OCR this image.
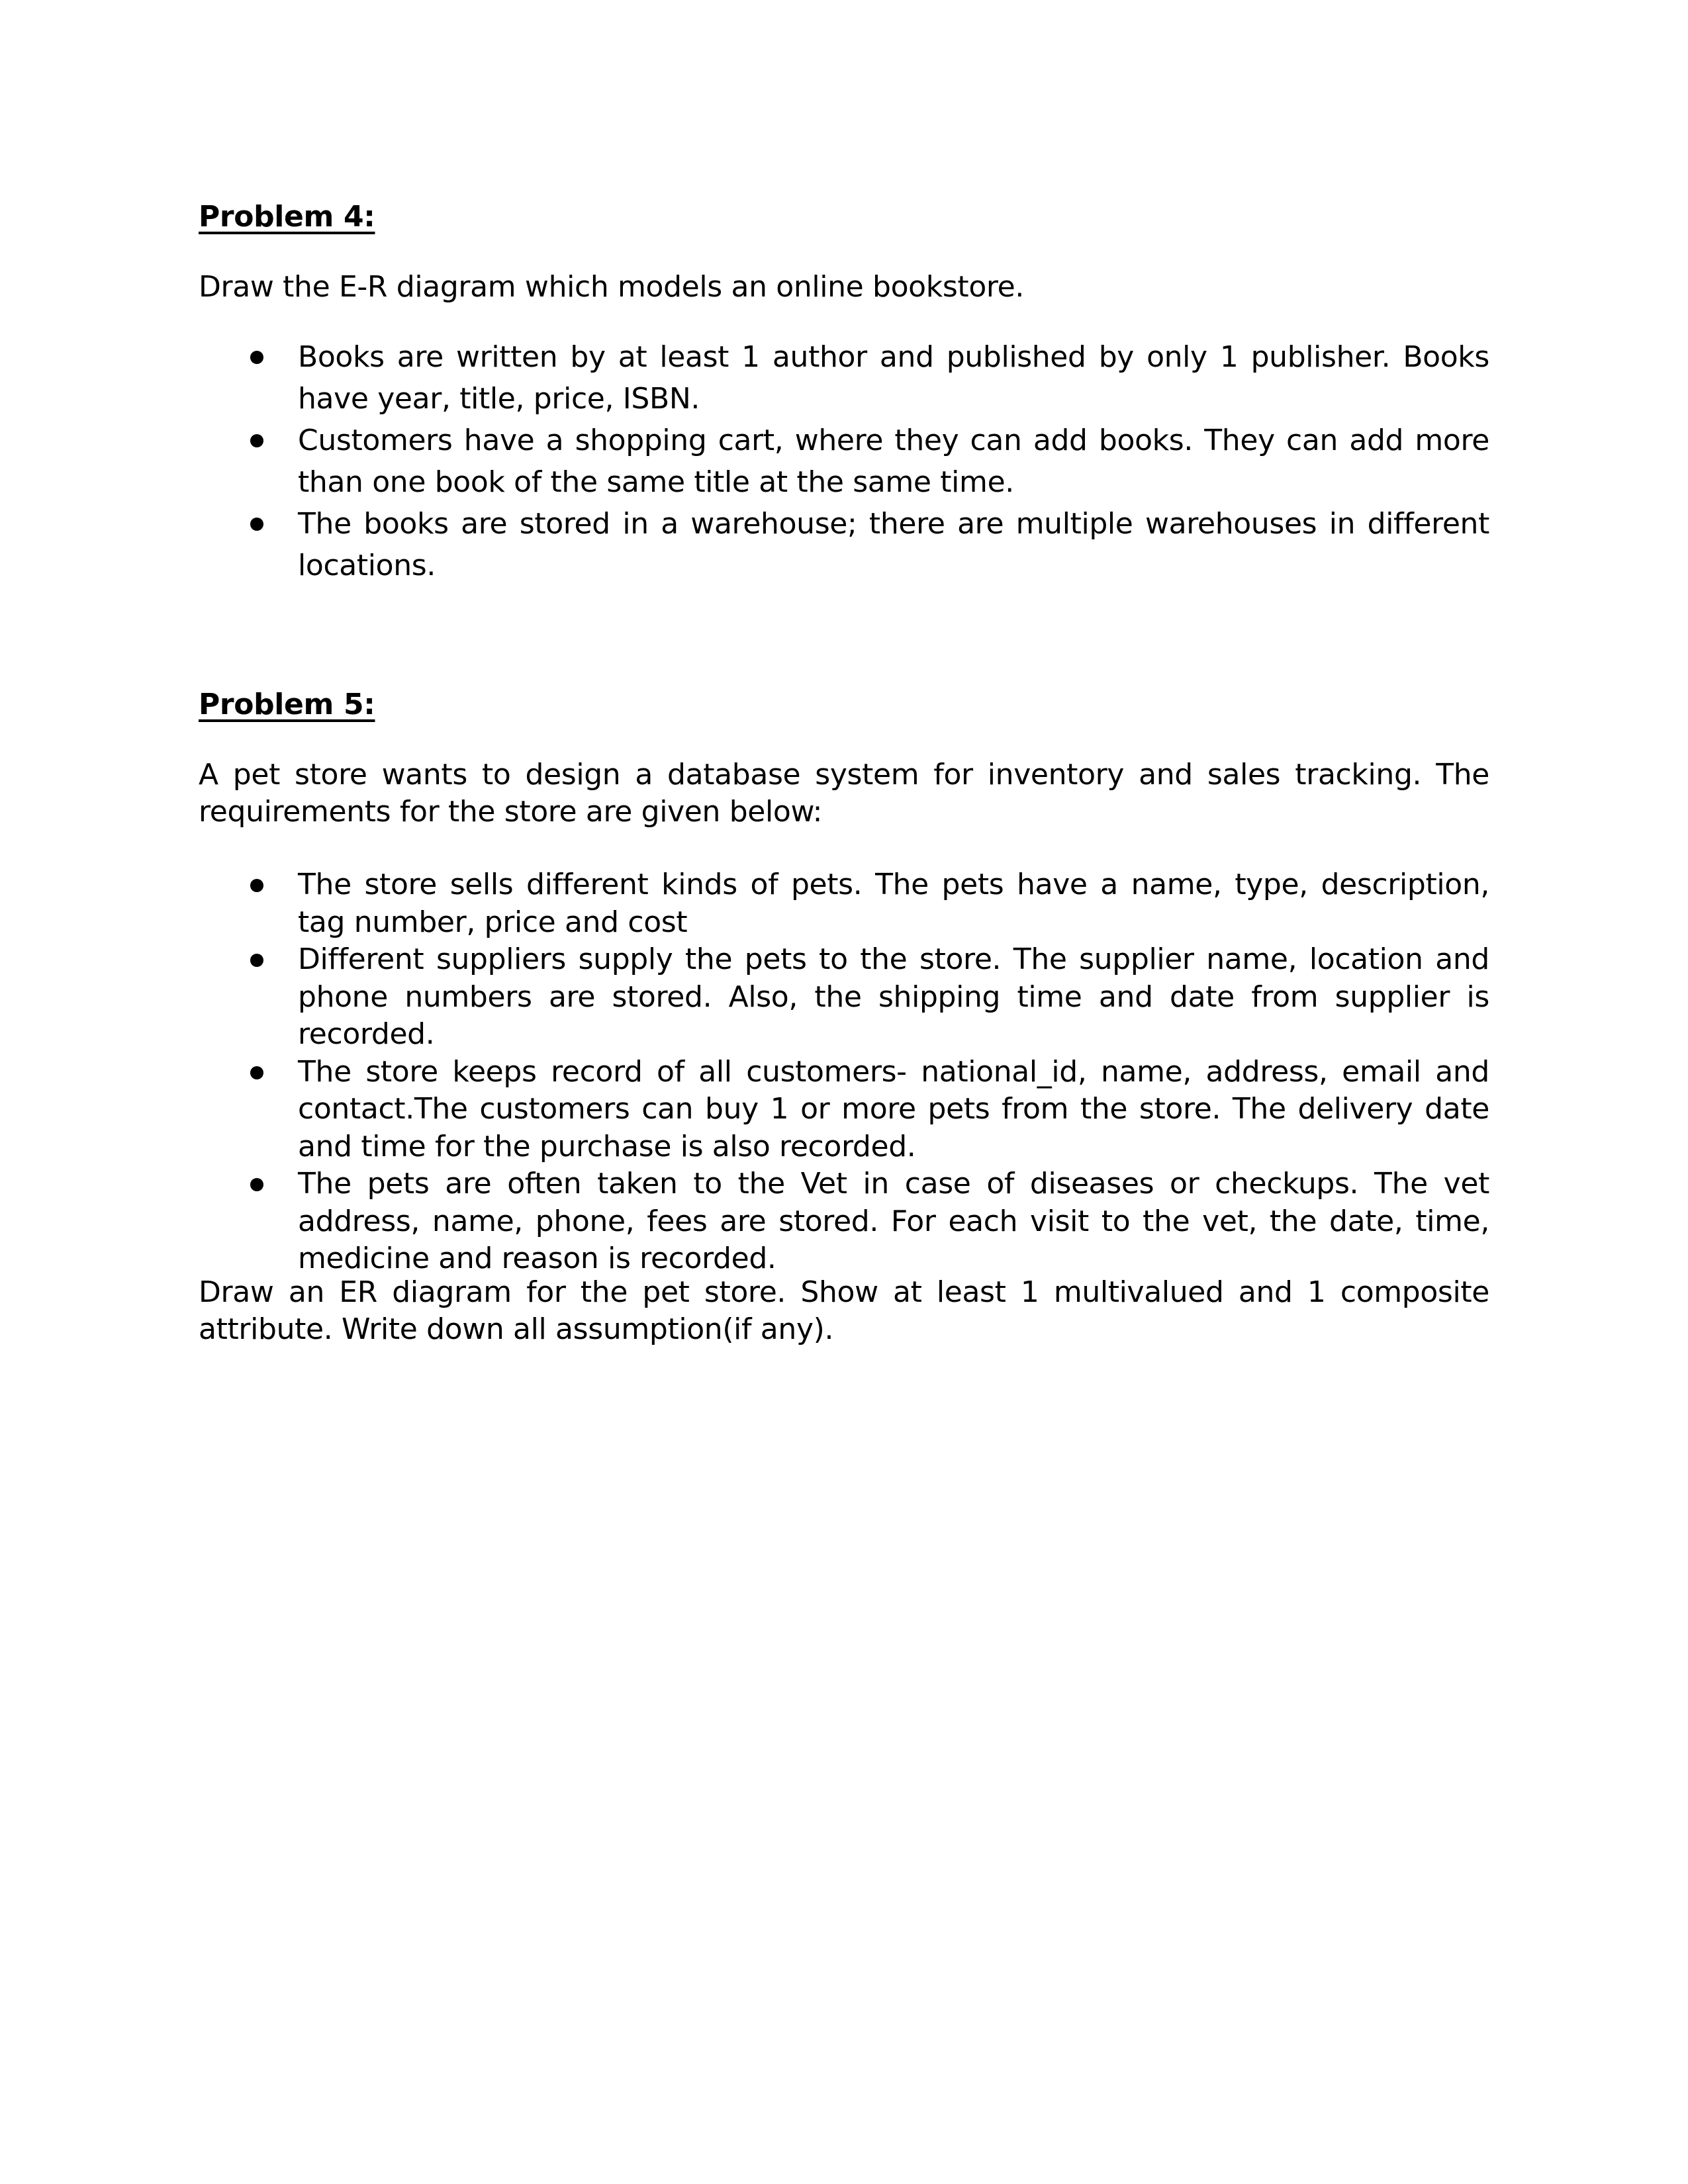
Problem 4:

Draw the E-R diagram which models an online bookstore.

Books are written by at least 1 author and published by only 1 publisher. Books have year, title, price, ISBN.
Customers have a shopping cart, where they can add books. They can add more than one book of the same title at the same time.
The books are stored in a warehouse; there are multiple warehouses in different locations.
Problem 5:

A pet store wants to design a database system for inventory and sales tracking. The requirements for the store are given below:

The store sells different kinds of pets. The pets have a name, type, description, tag number, price and cost
Different suppliers supply the pets to the store. The supplier name, location and phone numbers are stored. Also, the shipping time and date from supplier is recorded.
The store keeps record of all customers- national_id, name, address, email and contact.The customers can buy 1 or more pets from the store. The delivery date and time for the purchase is also recorded.
The pets are often taken to the Vet in case of diseases or checkups. The vet address, name, phone, fees are stored. For each visit to the vet, the date, time, medicine and reason is recorded.

Draw an ER diagram for the pet store. Show at least 1 multivalued and 1 composite attribute. Write down all assumption(if any).
